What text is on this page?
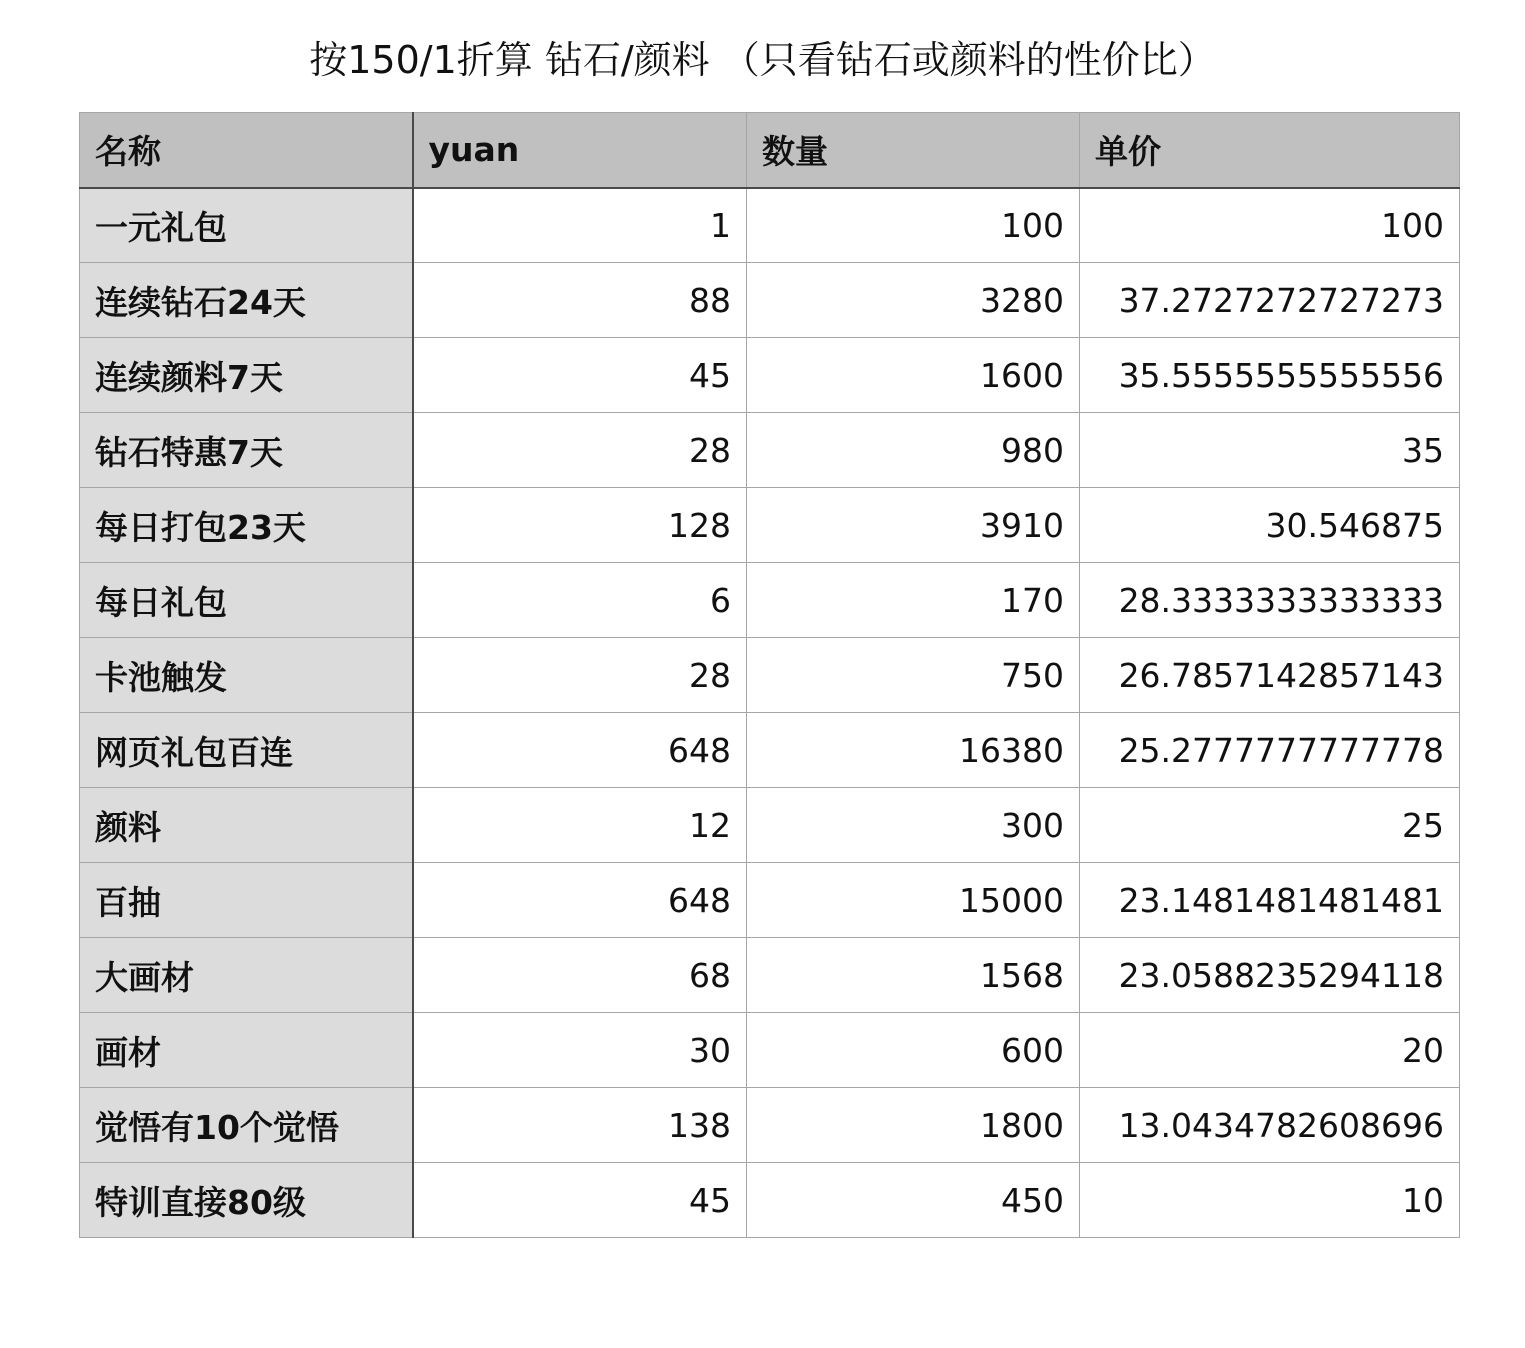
按150/1折算 钻石/颜料 （只看钻石或颜料的性价比）
名称	yuan	数量	单价
一元礼包	1	100	100
连续钻石24天	88	3280	37.2727272727273
连续颜料7天	45	1600	35.5555555555556
钻石特惠7天	28	980	35
每日打包23天	128	3910	30.546875
每日礼包	6	170	28.3333333333333
卡池触发	28	750	26.7857142857143
网页礼包百连	648	16380	25.2777777777778
颜料	12	300	25
百抽	648	15000	23.1481481481481
大画材	68	1568	23.0588235294118
画材	30	600	20
觉悟有10个觉悟	138	1800	13.0434782608696
特训直接80级	45	450	10
